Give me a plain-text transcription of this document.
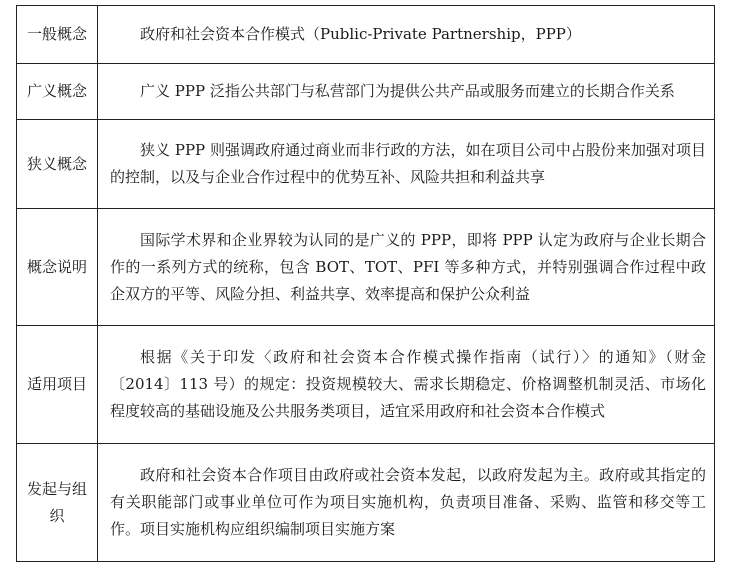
一般概念	政府和社会资本合作模式（Public-Private Partnership，PPP）
广义概念	广义 PPP 泛指公共部门与私营部门为提供公共产品或服务而建立的长期合作关系
狭义概念	狭义 PPP 则强调政府通过商业而非行政的方法，如在项目公司中占股份来加强对项目的控制，以及与企业合作过程中的优势互补、风险共担和利益共享
概念说明	国际学术界和企业界较为认同的是广义的 PPP，即将 PPP 认定为政府与企业长期合作的一系列方式的统称，包含 BOT、TOT、PFI 等多种方式，并特别强调合作过程中政企双方的平等、风险分担、利益共享、效率提高和保护公众利益
适用项目	根据《关于印发〈政府和社会资本合作模式操作指南（试行）〉的通知》（财金〔2014〕113 号）的规定：投资规模较大、需求长期稳定、价格调整机制灵活、市场化程度较高的基础设施及公共服务类项目，适宜采用政府和社会资本合作模式
发起与组织	政府和社会资本合作项目由政府或社会资本发起，以政府发起为主。政府或其指定的有关职能部门或事业单位可作为项目实施机构，负责项目准备、采购、监管和移交等工作。项目实施机构应组织编制项目实施方案
